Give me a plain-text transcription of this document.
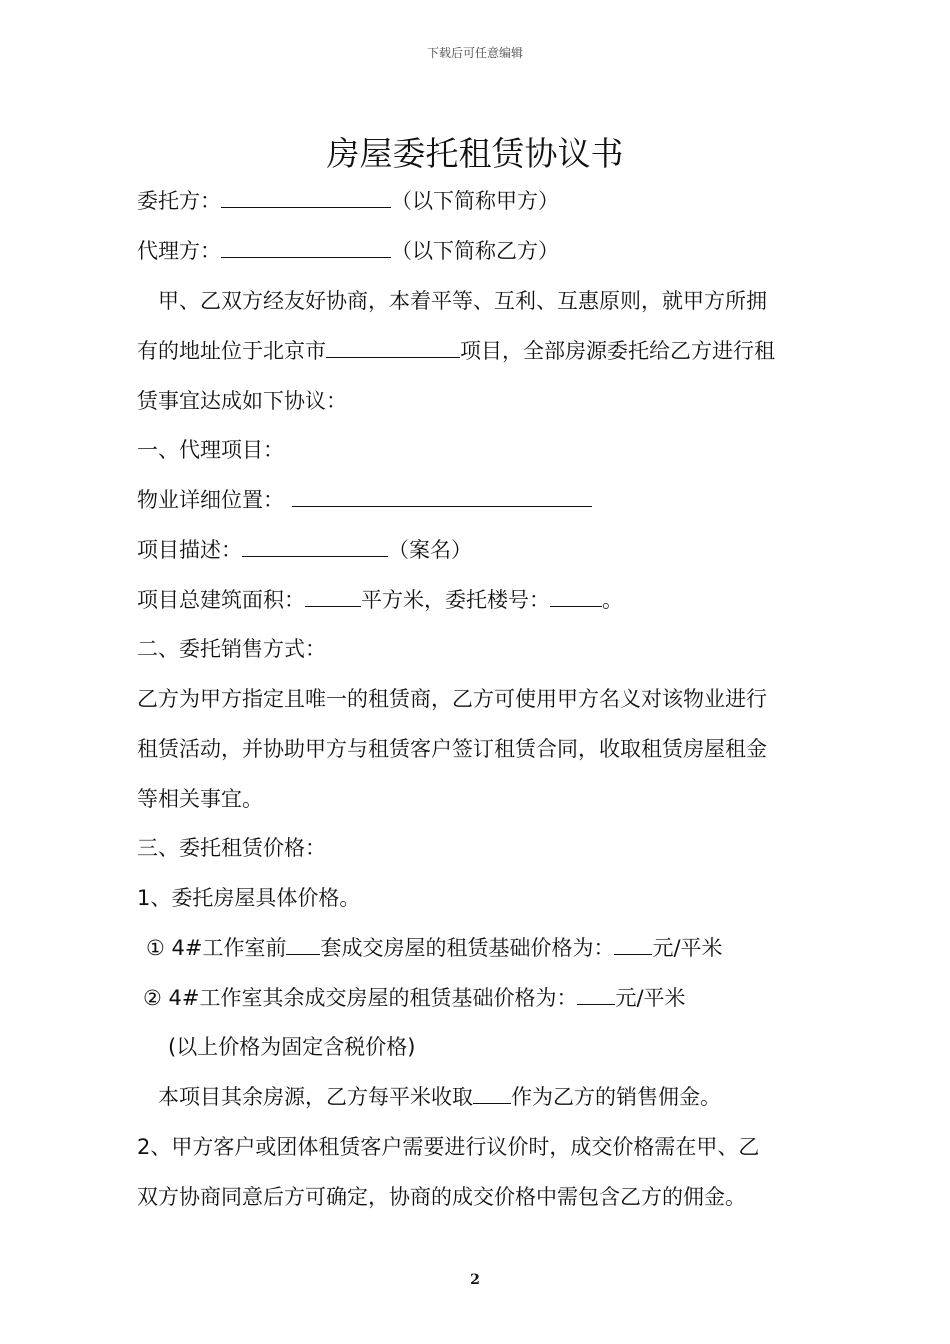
下载后可任意编辑
房屋委托租赁协议书
委托方：	（以下简称甲方）
代理方：	（以下简称乙方）
　甲、乙双方经友好协商，本着平等、互利、互惠原则，就甲方所拥
有的地址位于北京市	项目，全部房源委托给乙方进行租
赁事宜达成如下协议：
一、代理项目：
物业详细位置：
项目描述：	（案名）
项目总建筑面积：	平方米，委托楼号： 。
二、委托销售方式：
乙方为甲方指定且唯一的租赁商，乙方可使用甲方名义对该物业进行
租赁活动，并协助甲方与租赁客户签订租赁合同，收取租赁房屋租金
等相关事宜。
三、委托租赁价格：
1、委托房屋具体价格。
① 4#工作室前 套成交房屋的租赁基础价格为： 元/平米
② 4#工作室其余成交房屋的租赁基础价格为： 元/平米
(以上价格为固定含税价格)
本项目其余房源，乙方每平米收取 作为乙方的销售佣金。
2、甲方客户或团体租赁客户需要进行议价时，成交价格需在甲、乙
双方协商同意后方可确定，协商的成交价格中需包含乙方的佣金。
2
